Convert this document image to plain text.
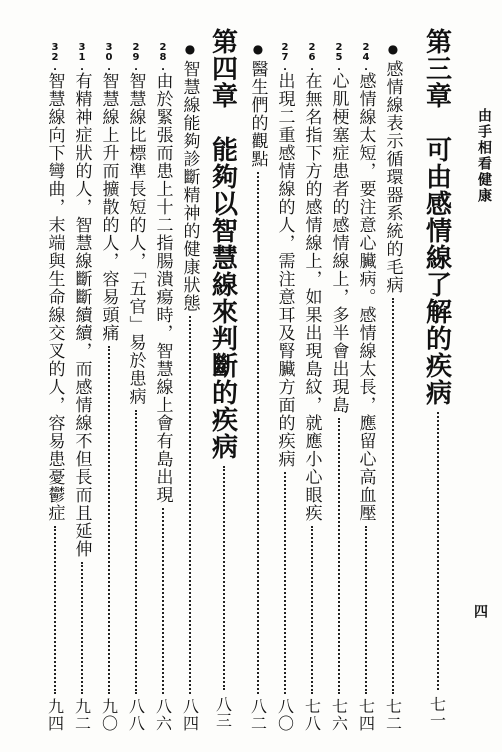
由手相看健康
四
第三章　可由感情線了解的疾病
七一
●
感情線表示循環器系統的毛病
七二
24.
感情線太短，要注意心臟病。感情線太長，應留心高血壓
七四
25.
心肌梗塞症患者的感情線上，多半會出現島
七六
26.
在無名指下方的感情線上，如果出現島紋，就應小心眼疾
七八
27.
出現二重感情線的人，需注意耳及腎臟方面的疾病
八〇
●
醫生們的觀點
八二
第四章　能夠以智慧線來判斷的疾病
八三
●
智慧線能夠診斷精神的健康狀態
八四
28.
由於緊張而患上十二指腸潰瘍時，智慧線上會有島出現
八六
29.
智慧線比標準長短的人，「五官」易於患病
八八
30.
智慧線上升而擴散的人，容易頭痛
九〇
31.
有精神症狀的人，智慧線斷斷續續，而感情線不但長而且延伸
九二
32.
智慧線向下彎曲，末端與生命線交叉的人，容易患憂鬱症
九四
